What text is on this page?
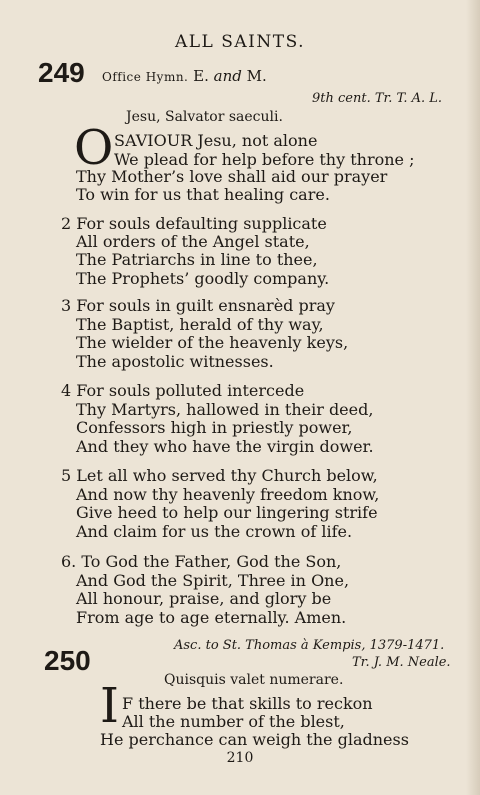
ALL SAINTS.
249 Office Hymn. E. and M.
9th cent. Tr. T. A. L.
Jesu, Salvator saeculi.
O SAVIOUR Jesu, not alone
We plead for help before thy throne ;
Thy Mother’s love shall aid our prayer
To win for us that healing care.
2 For souls defaulting supplicate
All orders of the Angel state,
The Patriarchs in line to thee,
The Prophets’ goodly company.
3 For souls in guilt ensnarèd pray
The Baptist, herald of thy way,
The wielder of the heavenly keys,
The apostolic witnesses.
4 For souls polluted intercede
Thy Martyrs, hallowed in their deed,
Confessors high in priestly power,
And they who have the virgin dower.
5 Let all who served thy Church below,
And now thy heavenly freedom know,
Give heed to help our lingering strife
And claim for us the crown of life.
6. To God the Father, God the Son,
And God the Spirit, Three in One,
All honour, praise, and glory be
From age to age eternally. Amen.
250	Asc. to St. Thomas à Kempis, 1379-1471.
Tr. J. M. Neale.
Quisquis valet numerare.
I F there be that skills to reckon
All the number of the blest,
He perchance can weigh the gladness
210
